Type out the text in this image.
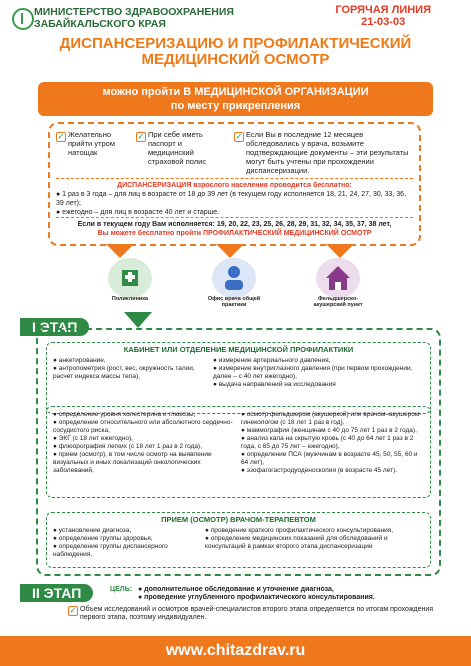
МИНИСТЕРСТВО ЗДРАВООХРАНЕНИЯ
ЗАБАЙКАЛЬСКОГО КРАЯ
ГОРЯЧАЯ ЛИНИЯ
21-03-03
ДИСПАНСЕРИЗАЦИЮ И ПРОФИЛАКТИЧЕСКИЙ
МЕДИЦИНСКИЙ ОСМОТР
можно пройти В МЕДИЦИНСКОЙ ОРГАНИЗАЦИИ
по месту прикрепления
✓ Желательно прийти утром натощак
✓ При себе иметь паспорт и медицинский страховой полис
✓ Если Вы в последние 12 месяцев обследовались у врача, возьмите подтверждающие документы – эти результаты могут быть учтены при прохождении диспансеризации.
ДИСПАНСЕРИЗАЦИЯ взрослого населения проводится бесплатно:
● 1 раз в 3 года – для лиц в возрасте от 18 до 39 лет (в текущем году исполняется 18, 21, 24, 27, 30, 33, 36, 39 лет);
● ежегодно – для лиц в возрасте 40 лет и старше.
Если в текущем году Вам исполняется: 19, 20, 22, 23, 25, 26, 28, 29, 31, 32, 34, 35, 37, 38 лет,
Вы можете бесплатно пройти ПРОФИЛАКТИЧЕСКИЙ МЕДИЦИНСКИЙ ОСМОТР
Поликлиника	Офис врача общей практики
Фельдшерско-акушерский пункт
I ЭТАП
КАБИНЕТ ИЛИ ОТДЕЛЕНИЕ МЕДИЦИНСКОЙ ПРОФИЛАКТИКИ
● анкетирование,
● антропометрия (рост, вес, окружность талии, расчет индекса массы тела),
● измерение артериального давления,
● измерение внутриглазного давления (при первом прохождении, далее – с 40 лет ежегодно),
● выдача направлений на исследования
● определение уровня холестерина и глюкозы,
● определение относительного или абсолютного сердечно-сосудистого риска,
● ЭКГ (с 18 лет ежегодно),
● флюорография легких (с 18 лет 1 раз в 2 года),
● прием (осмотр), в том числе осмотр на выявление визуальных и иных локализаций онкологических заболеваний,
● осмотр фельдшером (акушеркой) или врачом–акушером-гинекологом (с 18 лет 1 раз в год),
● маммография (женщинам с 40 до 75 лет 1 раз в 2 года),
● анализ кала на скрытую кровь (с 40 до 64 лет 1 раз в 2 года, с 65 до 75 лет – ежегодно),
● определение ПСА (мужчинам в возрасте 45, 50, 55, 60 и 64 лет),
● эзофагогастродуоденоскопия (в возрасте 45 лет).
ПРИЕМ (ОСМОТР) ВРАЧОМ-ТЕРАПЕВТОМ
● установление диагноза,
● определение группы здоровья,
● определение группы диспансерного наблюдения,
● проведение краткого профилактического консультирования,
● определение медицинских показаний для обследований и консультаций в рамках второго этапа диспансеризации
II ЭТАП	ЦЕЛЬ: ● дополнительное обследование и уточнение диагноза,
● проведение углубленного профилактического консультирования.
✓ Объем исследований и осмотров врачей-специалистов второго этапа определяется по итогам прохождения первого этапа, поэтому индивидуален.
www.chitazdrav.ru
